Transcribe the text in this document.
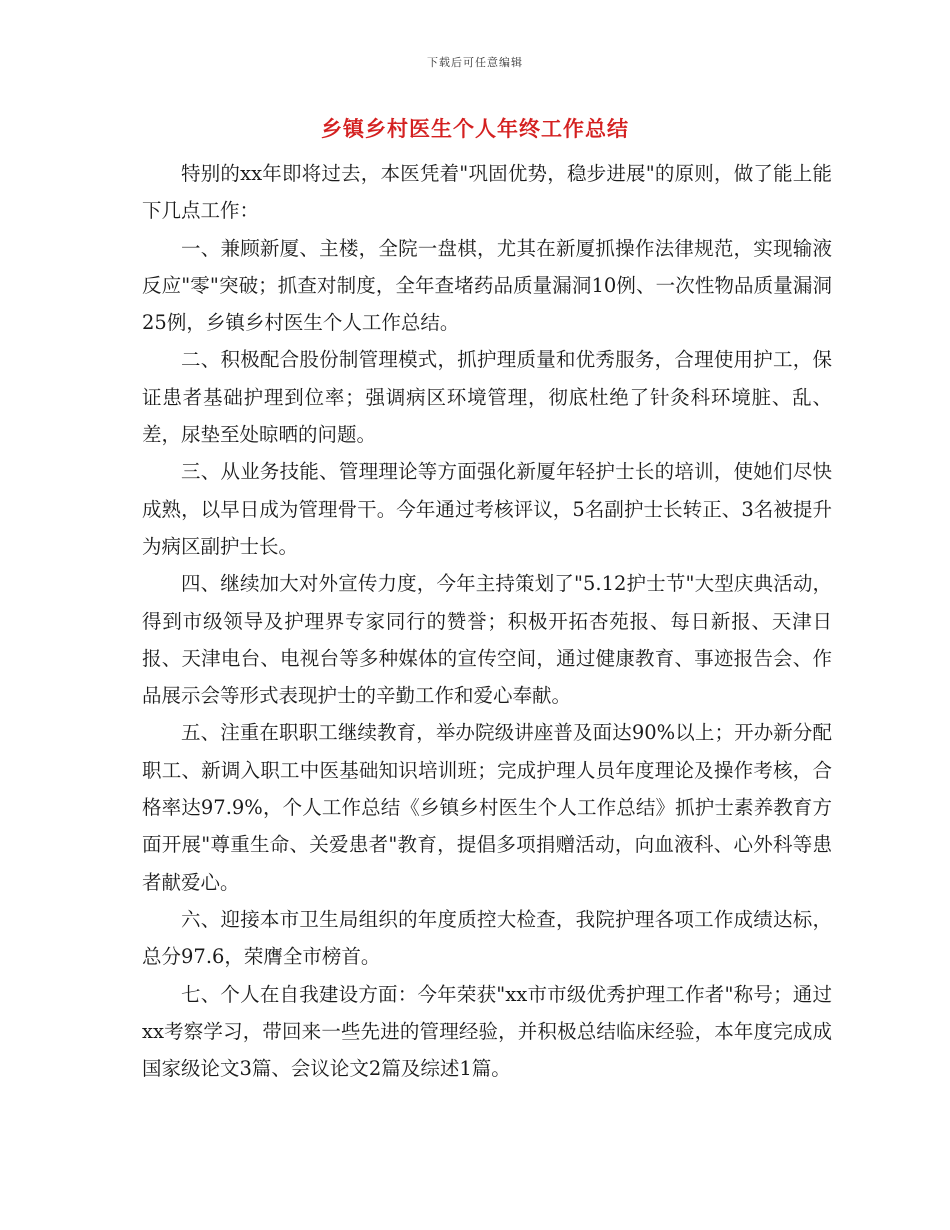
下载后可任意编辑
乡镇乡村医生个人年终工作总结

特别的xx年即将过去，本医凭着"巩固优势，稳步进展"的原则，做了能上能下几点工作：

一、兼顾新厦、主楼，全院一盘棋，尤其在新厦抓操作法律规范，实现输液反应"零"突破；抓查对制度，全年查堵药品质量漏洞10例、一次性物品质量漏洞25例，乡镇乡村医生个人工作总结。

二、积极配合股份制管理模式，抓护理质量和优秀服务，合理使用护工，保证患者基础护理到位率；强调病区环境管理，彻底杜绝了针灸科环境脏、乱、差，尿垫至处晾晒的问题。

三、从业务技能、管理理论等方面强化新厦年轻护士长的培训，使她们尽快成熟，以早日成为管理骨干。今年通过考核评议，5名副护士长转正、3名被提升为病区副护士长。

四、继续加大对外宣传力度，今年主持策划了"5.12护士节"大型庆典活动，得到市级领导及护理界专家同行的赞誉；积极开拓杏苑报、每日新报、天津日报、天津电台、电视台等多种媒体的宣传空间，通过健康教育、事迹报告会、作品展示会等形式表现护士的辛勤工作和爱心奉献。

五、注重在职职工继续教育，举办院级讲座普及面达90%以上；开办新分配职工、新调入职工中医基础知识培训班；完成护理人员年度理论及操作考核，合格率达97.9%，个人工作总结《乡镇乡村医生个人工作总结》抓护士素养教育方面开展"尊重生命、关爱患者"教育，提倡多项捐赠活动，向血液科、心外科等患者献爱心。

六、迎接本市卫生局组织的年度质控大检查，我院护理各项工作成绩达标，总分97.6，荣膺全市榜首。

七、个人在自我建设方面：今年荣获"xx市市级优秀护理工作者"称号；通过xx考察学习，带回来一些先进的管理经验，并积极总结临床经验，本年度完成成国家级论文3篇、会议论文2篇及综述1篇。
